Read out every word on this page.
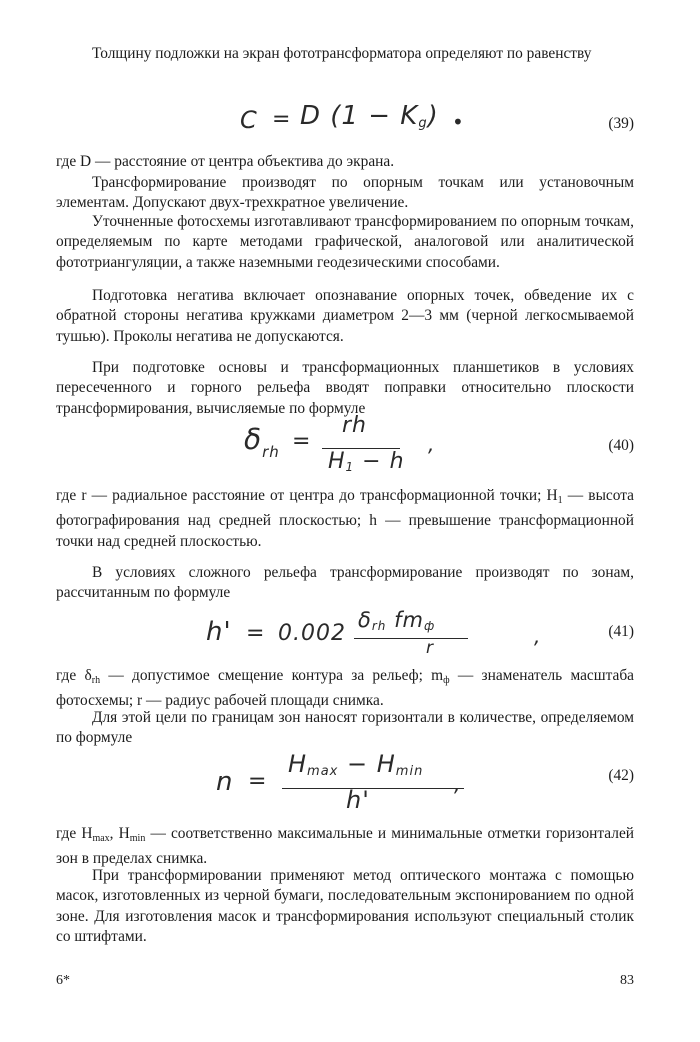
Толщину подложки на экран фототрансформатора определяют по равенству

C = D $(1 - K_g)$ •	(39)

где D — расстояние от центра объектива до экрана.

Трансформирование производят по опорным точкам или установочным элементам. Допускают двух-трехкратное увеличение.

Уточненные фотосхемы изготавливают трансформированием по опорным точкам, определяемым по карте методами графической, аналоговой или аналитической фототриангуляции, а также наземными геодезическими способами.

Подготовка негатива включает опознавание опорных точек, обведение их с обратной стороны негатива кружками диаметром 2—3 мм (черной легкосмываемой тушью). Проколы негатива не допускаются.

При подготовке основы и трансформационных планшетиков в условиях пересеченного и горного рельефа вводят поправки относительно плоскости трансформирования, вычисляемые по формуле

$\delta_{rh}$ =
rh
$H_1 - h$
,	(40)

где r — радиальное расстояние от центра до трансформационной точки; $H_1$ — высота фотографирования над средней плоскостью; h — превышение трансформационной точки над средней плоскостью.

В условиях сложного рельефа трансформирование производят по зонам, рассчитанным по формуле

h' = 0.002
$\delta_{rh}$ $fm_ф$
r	,	(41)

где $\delta_{rh}$ — допустимое смещение контура за рельеф; $m_ф$ — знаменатель масштаба фотосхемы; r — радиус рабочей площади снимка.

Для этой цели по границам зон наносят горизонтали в количестве, определяемом по формуле

n =
$H_{max} - H_{min}$
h'
,	(42)

где $H_{max}$, $H_{min}$ — соответственно максимальные и минимальные отметки горизонталей зон в пределах снимка.

При трансформировании применяют метод оптического монтажа с помощью масок, изготовленных из черной бумаги, последовательным экспонированием по одной зоне. Для изготовления масок и трансформирования используют специальный столик со штифтами.

6*	83
